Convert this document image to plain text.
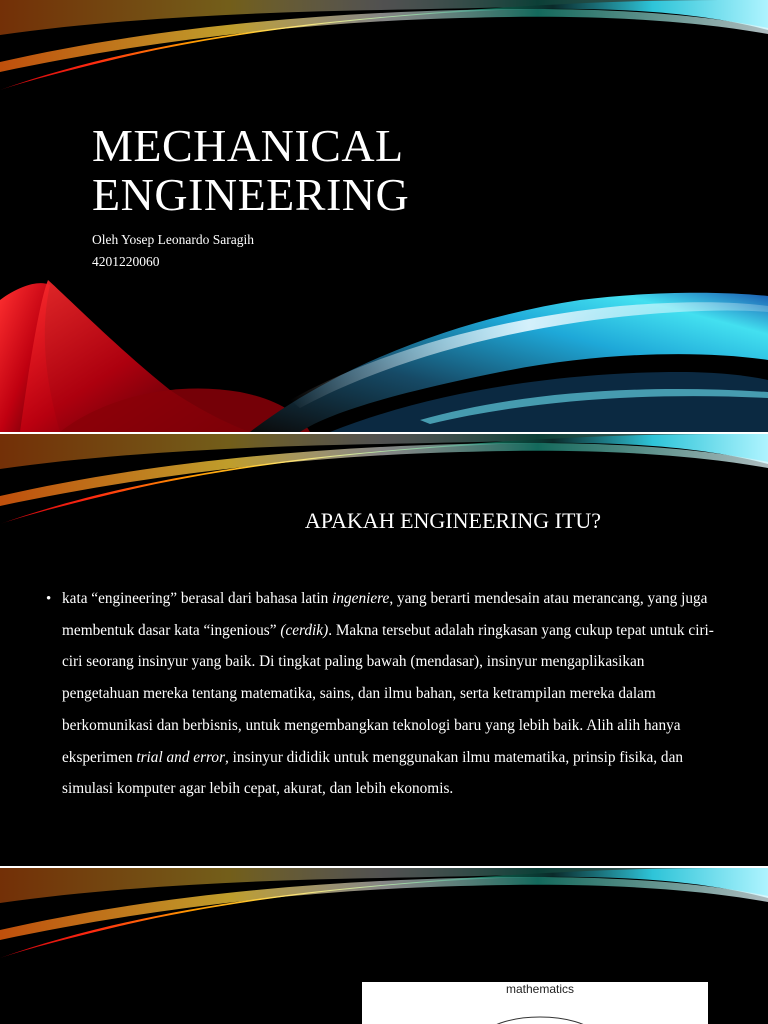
MECHANICAL
ENGINEERING
Oleh Yosep Leonardo Saragih
4201220060
APAKAH ENGINEERING ITU?
• kata “engineering” berasal dari bahasa latin ingeniere, yang berarti mendesain atau merancang, yang juga membentuk dasar kata “ingenious” (cerdik). Makna tersebut adalah ringkasan yang cukup tepat untuk ciri-ciri seorang insinyur yang baik. Di tingkat paling bawah (mendasar), insinyur mengaplikasikan pengetahuan mereka tentang matematika, sains, dan ilmu bahan, serta ketrampilan mereka dalam berkomunikasi dan berbisnis, untuk mengembangkan teknologi baru yang lebih baik. Alih alih hanya eksperimen trial and error, insinyur dididik untuk menggunakan ilmu matematika, prinsip fisika, dan simulasi komputer agar lebih cepat, akurat, dan lebih ekonomis.
mathematics
